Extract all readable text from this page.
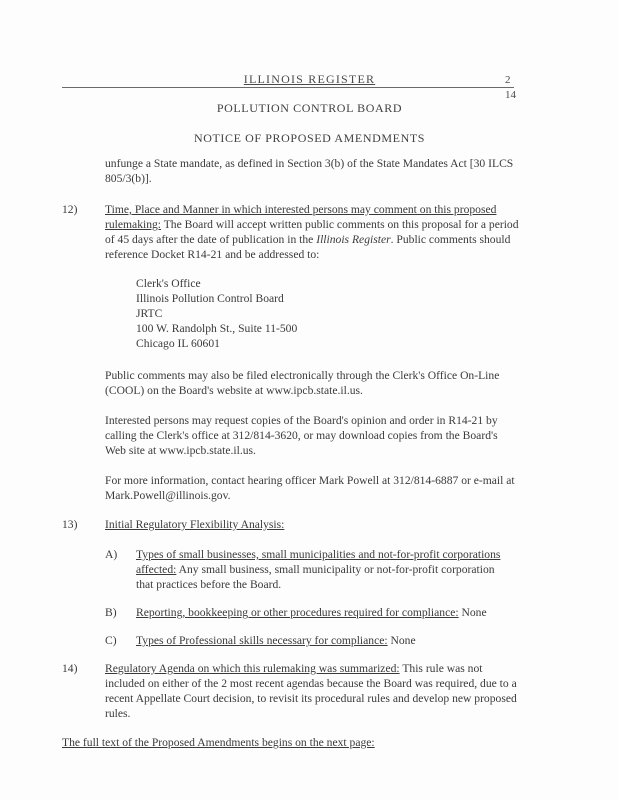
ILLINOIS REGISTER	2
14
POLLUTION CONTROL BOARD
NOTICE OF PROPOSED AMENDMENTS
unfunge a State mandate, as defined in Section 3(b) of the State Mandates Act [30 ILCS
805/3(b)].
12)	Time, Place and Manner in which interested persons may comment on this proposed
rulemaking: The Board will accept written public comments on this proposal for a period
of 45 days after the date of publication in the Illinois Register. Public comments should
reference Docket R14-21 and be addressed to:
Clerk's Office
Illinois Pollution Control Board
JRTC
100 W. Randolph St., Suite 11-500
Chicago IL 60601
Public comments may also be filed electronically through the Clerk's Office On-Line
(COOL) on the Board's website at www.ipcb.state.il.us.
Interested persons may request copies of the Board's opinion and order in R14-21 by
calling the Clerk's office at 312/814-3620, or may download copies from the Board's
Web site at www.ipcb.state.il.us.
For more information, contact hearing officer Mark Powell at 312/814-6887 or e-mail at
Mark.Powell@illinois.gov.
13)	Initial Regulatory Flexibility Analysis:
A)	Types of small businesses, small municipalities and not-for-profit corporations
affected: Any small business, small municipality or not-for-profit corporation
that practices before the Board.
B)	Reporting, bookkeeping or other procedures required for compliance: None
C)	Types of Professional skills necessary for compliance: None
14)	Regulatory Agenda on which this rulemaking was summarized: This rule was not
included on either of the 2 most recent agendas because the Board was required, due to a
recent Appellate Court decision, to revisit its procedural rules and develop new proposed
rules.
The full text of the Proposed Amendments begins on the next page:
